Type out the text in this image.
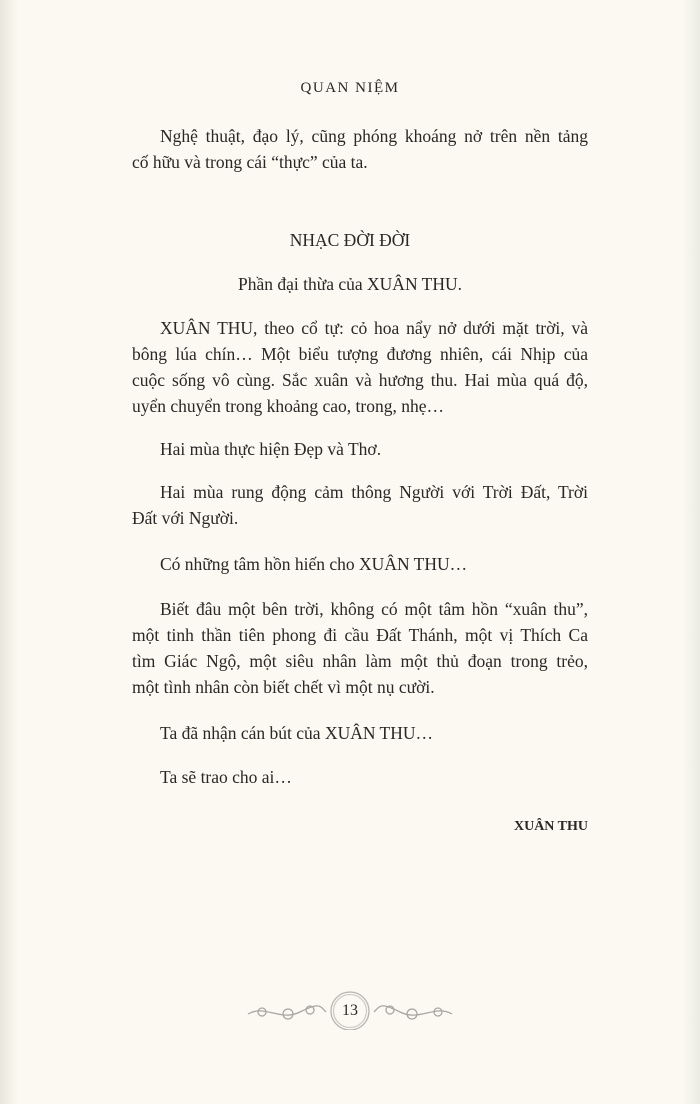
QUAN NIỆM
Nghệ thuật, đạo lý, cũng phóng khoáng nở trên nền tảng
cố hữu và trong cái “thực” của ta.
NHẠC ĐỜI ĐỜI
Phần đại thừa của XUÂN THU.
XUÂN THU, theo cổ tự: cỏ hoa nẩy nở dưới mặt trời, và
bông lúa chín… Một biểu tượng đương nhiên, cái Nhịp của
cuộc sống vô cùng. Sắc xuân và hương thu. Hai mùa quá độ,
uyển chuyển trong khoảng cao, trong, nhẹ…
Hai mùa thực hiện Đẹp và Thơ.
Hai mùa rung động cảm thông Người với Trời Đất, Trời
Đất với Người.
Có những tâm hồn hiến cho XUÂN THU…
Biết đâu một bên trời, không có một tâm hồn “xuân thu”,
một tinh thần tiên phong đi cầu Đất Thánh, một vị Thích Ca
tìm Giác Ngộ, một siêu nhân làm một thủ đoạn trong trẻo,
một tình nhân còn biết chết vì một nụ cười.
Ta đã nhận cán bút của XUÂN THU…
Ta sẽ trao cho ai…
XUÂN THU
13
